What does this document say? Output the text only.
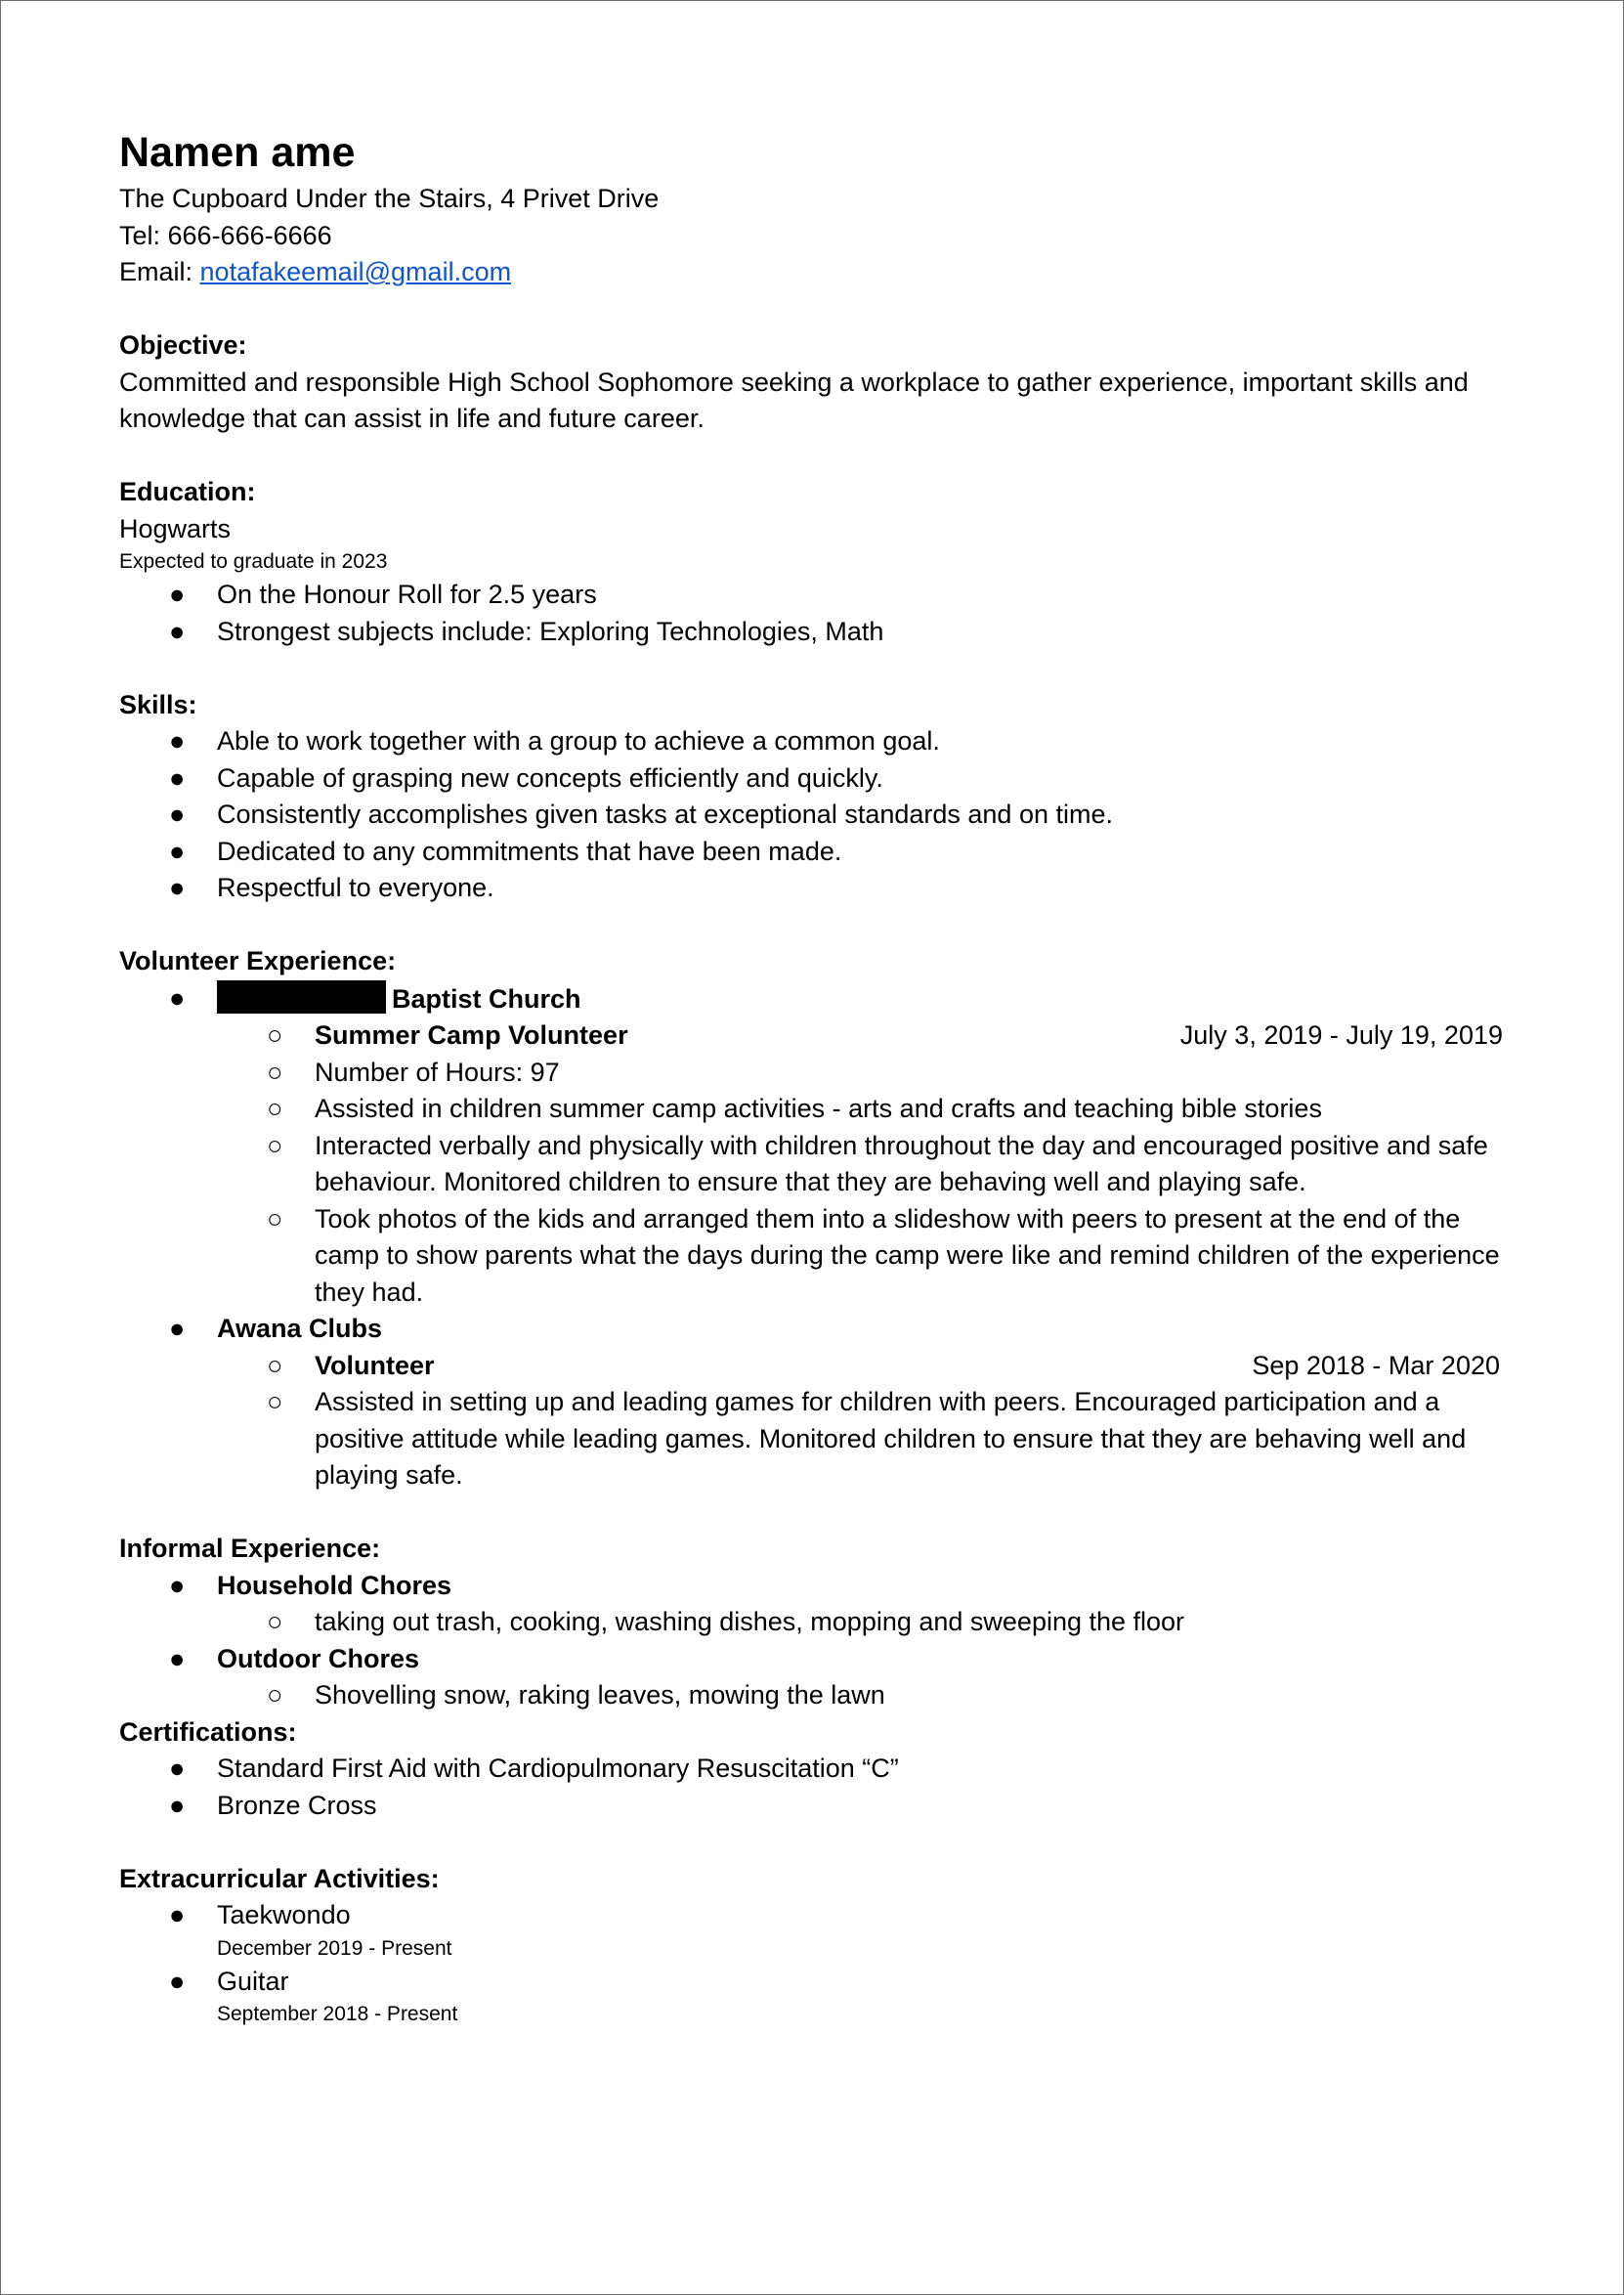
Namen ame
The Cupboard Under the Stairs, 4 Privet Drive
Tel: 666-666-6666
Email: notafakeemail@gmail.com
Objective:
Committed and responsible High School Sophomore seeking a workplace to gather experience, important skills and knowledge that can assist in life and future career.
Education:
Hogwarts
Expected to graduate in 2023
● On the Honour Roll for 2.5 years
● Strongest subjects include: Exploring Technologies, Math
Skills:
● Able to work together with a group to achieve a common goal.
● Capable of grasping new concepts efficiently and quickly.
● Consistently accomplishes given tasks at exceptional standards and on time.
● Dedicated to any commitments that have been made.
● Respectful to everyone.
Volunteer Experience:
●	Baptist Church
○ Summer Camp Volunteer	July 3, 2019 - July 19, 2019
○ Number of Hours: 97
○ Assisted in children summer camp activities - arts and crafts and teaching bible stories
○ Interacted verbally and physically with children throughout the day and encouraged positive and safe behaviour. Monitored children to ensure that they are behaving well and playing safe.
○ Took photos of the kids and arranged them into a slideshow with peers to present at the end of the camp to show parents what the days during the camp were like and remind children of the experience they had.
● Awana Clubs
○ Volunteer	Sep 2018 - Mar 2020
○ Assisted in setting up and leading games for children with peers. Encouraged participation and a positive attitude while leading games. Monitored children to ensure that they are behaving well and playing safe.
Informal Experience:
● Household Chores
○ taking out trash, cooking, washing dishes, mopping and sweeping the floor
● Outdoor Chores
○ Shovelling snow, raking leaves, mowing the lawn
Certifications:
● Standard First Aid with Cardiopulmonary Resuscitation “C”
● Bronze Cross
Extracurricular Activities:
● Taekwondo
December 2019 - Present
● Guitar
September 2018 - Present
